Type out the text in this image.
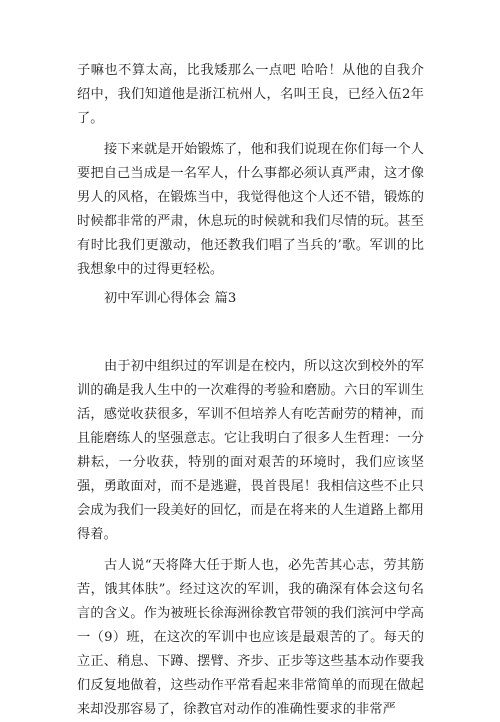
子嘛也不算太高，比我矮那么一点吧 哈哈！从他的自我介绍中，我们知道他是浙江杭州人，名叫王良，已经入伍2年了。

接下来就是开始锻炼了，他和我们说现在你们每一个人要把自己当成是一名军人，什么事都必须认真严肃，这才像男人的风格，在锻炼当中，我觉得他这个人还不错，锻炼的时候都非常的严肃，休息玩的时候就和我们尽情的玩。甚至有时比我们更激动，他还教我们唱了当兵的’歌。军训的比我想象中的过得更轻松。

初中军训心得体会 篇3

由于初中组织过的军训是在校内，所以这次到校外的军训的确是我人生中的一次难得的考验和磨励。六日的军训生活，感觉收获很多，军训不但培养人有吃苦耐劳的精神，而且能磨练人的坚强意志。它让我明白了很多人生哲理：一分耕耘，一分收获，特别的面对艰苦的环境时，我们应该坚强，勇敢面对，而不是逃避，畏首畏尾！我相信这些不止只会成为我们一段美好的回忆，而是在将来的人生道路上都用得着。

古人说“天将降大任于斯人也，必先苦其心志，劳其筋苦，饿其体肤”。经过这次的军训，我的确深有体会这句名言的含义。作为被班长徐海洲徐教官带领的我们滨河中学高一（9）班，在这次的军训中也应该是最艰苦的了。每天的立正、稍息、下蹲、摆臂、齐步、正步等这些基本动作要我们反复地做着，这些动作平常看起来非常简单的而现在做起来却没那容易了，徐教官对动作的准确性要求的非常严
